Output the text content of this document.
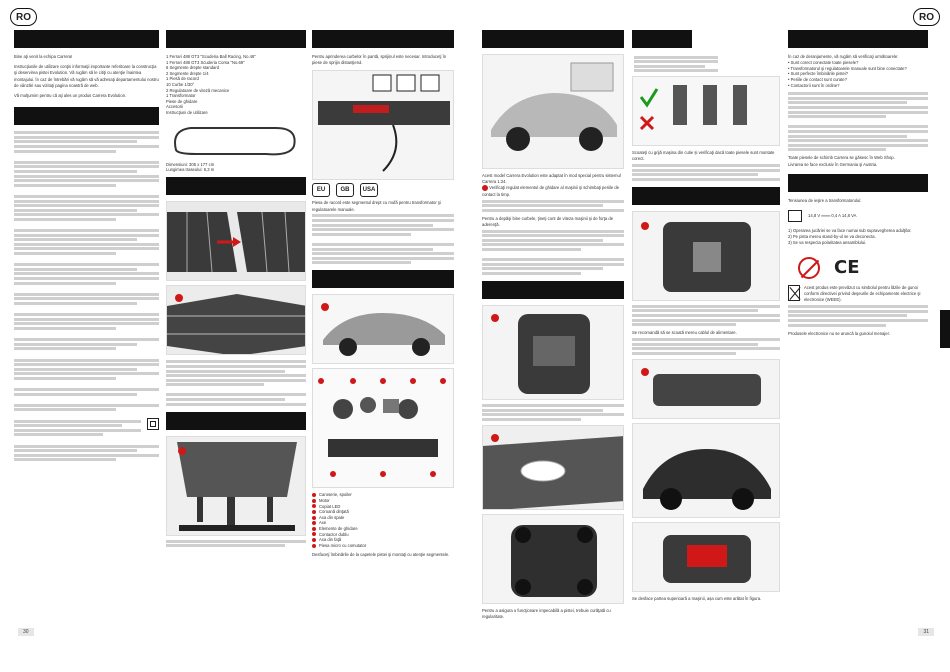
RO	RO

Bine aţi venit la echipa Carrera!

Instrucţiunile de utilizare conţin informaţii importante referitoare la construcţia şi deservirea pistei Evolution. Vă rugăm să le citiţi cu atenţie înaintea montajului. În caz de întrebări vă rugăm să vă adresaţi departamentului nostru de vânzări sau vizitaţi pagina noastră de web.

Vă mulţumim pentru că aţi ales un produs Carrera Evolution.

1 Ferrari 488 GT3 "Scuderia Ball Racing, No.46"
1 Ferrari 488 GT3 Scuderia Corsa "No.69"
6 Segmente drepte standard
2 Segmente drepte 1/4
1 Piesă de racord
10 Curbe 1/30°
2 Regulatoare de viteză mecanice
1 Transformator
Piese de ghidare
Accesorii
Instrucţiuni de utilizare
Dimensiuni: 305 x 177 cm
Lungimea traseului: 6,3 m
Pentru aprinderea curbelor în pantă, sprijinul este necesar. Introduceţi în piese de sprijin distanţierul.
EU	GB	USA
Piesa de racord este segmentul drept cu mufă pentru transformator şi regulatoarele manuale.
Caroserie, spoiler
Motor
Copiat LED
Coroană dinţată
Axa din spate
Axe
Elemente de ghidare
Contactor dublu
Axa din faţă
Piesa micro cu comutator
Desfaceţi îmbinările de la capetele pistei şi montaţi cu atenţie segmentele.
30
Acest model Carrera Evolution este adaptat în mod special pentru sistemul Carrera 1:24.
Verificaţi regulat elementul de ghidare al maşinii şi schimbaţi periile de contact la timp.
Pentru a depăşi bine curbele, ţineţi cont de viteza maşinii şi de forţa de aderenţă.
Pentru a asigura o funcţionare impecabilă a pistei, trebuie curăţată cu regularitate.

Scoateţi cu grijă maşina din cutie și verificaţi dacă toate piesele sunt montate corect.
Se recomandă să se scoată mereu cablul de alimentare.
Se desface partea superioară a maşinii, așa cum este arătat în figura.
În caz de deranjamente, vă rugăm să verificaţi următoarele:
• Sunt corect conectate toate piesele?
• Transformatorul şi regulatoarele manuale sunt bine conectate?
• Sunt perfecte îmbinările pistei?
• Periile de contact sunt curate?
• Contactorii sunt în ordine?
Toate piesele de schimb Carrera se găsesc în Web Shop.
Livrarea se face exclusiv în Germania şi Austria.
Tensiunea de ieşire a transformatorului:
14,8 V ═══ 0,4 A 14,8 VA
1) Operarea jucăriei se va face numai sub supravegherea adulţilor.
2) Pe pista mereu stand-by-ul se va deconecta.
3) Se va respecta polaritatea ansamblului.
CE
Acest produs este prevăzut cu simbolul pentru lăzile de gunoi conform directivei privind deşeurile de echipamente electrice şi electronice (WEEE).
Produsele electronice nu se aruncă la gunoiul menajer.
31
